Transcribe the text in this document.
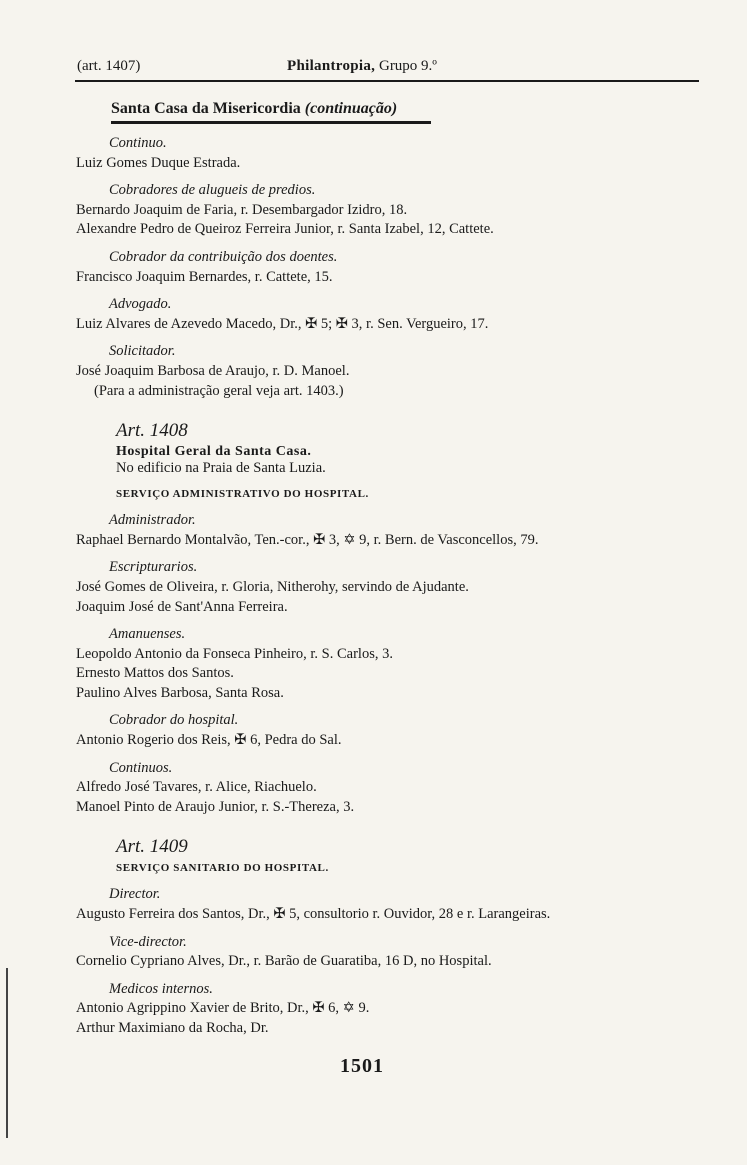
(art. 1407)	Philantropia, Grupo 9.º
Santa Casa da Misericordia (continuação)
Continuo.
Luiz Gomes Duque Estrada.
Cobradores de alugueis de predios.
Bernardo Joaquim de Faria, r. Desembargador Izidro, 18.
Alexandre Pedro de Queiroz Ferreira Junior, r. Santa Izabel, 12, Cattete.
Cobrador da contribuição dos doentes.
Francisco Joaquim Bernardes, r. Cattete, 15.
Advogado.
Luiz Alvares de Azevedo Macedo, Dr., ✠ 5; ✠ 3, r. Sen. Vergueiro, 17.
Solicitador.
José Joaquim Barbosa de Araujo, r. D. Manoel.
(Para a administração geral veja art. 1403.)
Art. 1408
Hospital Geral da Santa Casa.
No edificio na Praia de Santa Luzia.
SERVIÇO ADMINISTRATIVO DO HOSPITAL.
Administrador.
Raphael Bernardo Montalvão, Ten.-cor., ✠ 3, ✡ 9, r. Bern. de Vasconcellos, 79.
Escripturarios.
José Gomes de Oliveira, r. Gloria, Nitherohy, servindo de Ajudante.
Joaquim José de Sant'Anna Ferreira.
Amanuenses.
Leopoldo Antonio da Fonseca Pinheiro, r. S. Carlos, 3.
Ernesto Mattos dos Santos.
Paulino Alves Barbosa, Santa Rosa.
Cobrador do hospital.
Antonio Rogerio dos Reis, ✠ 6, Pedra do Sal.
Continuos.
Alfredo José Tavares, r. Alice, Riachuelo.
Manoel Pinto de Araujo Junior, r. S.-Thereza, 3.
Art. 1409
SERVIÇO SANITARIO DO HOSPITAL.
Director.
Augusto Ferreira dos Santos, Dr., ✠ 5, consultorio r. Ouvidor, 28 e r. Larangeiras.
Vice-director.
Cornelio Cypriano Alves, Dr., r. Barão de Guaratiba, 16 D, no Hospital.
Medicos internos.
Antonio Agrippino Xavier de Brito, Dr., ✠ 6, ✡ 9.
Arthur Maximiano da Rocha, Dr.
1501
